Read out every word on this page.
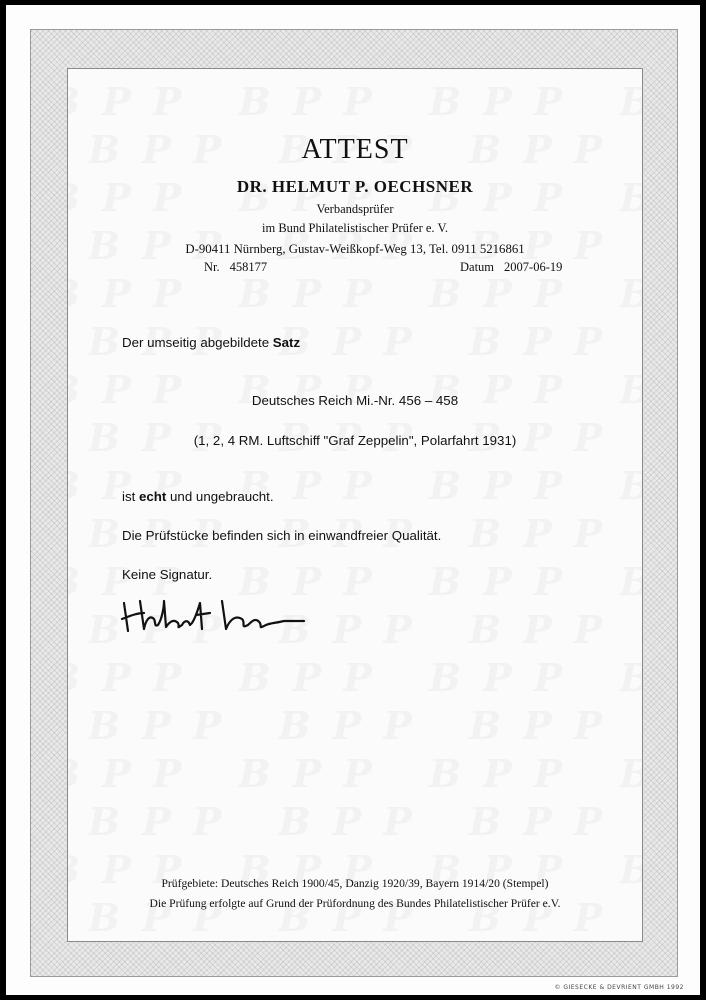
ATTEST
DR. HELMUT P. OECHSNER
Verbandsprüfer
im Bund Philatelistischer Prüfer e. V.
D-90411 Nürnberg, Gustav-Weißkopf-Weg 13, Tel. 0911 5216861
Nr. 458177	Datum 2007-06-19
Der umseitig abgebildete Satz
Deutsches Reich Mi.-Nr. 456 – 458
(1, 2, 4 RM. Luftschiff "Graf Zeppelin", Polarfahrt 1931)
ist echt und ungebraucht.
Die Prüfstücke befinden sich in einwandfreier Qualität.
Keine Signatur.
Prüfgebiete: Deutsches Reich 1900/45, Danzig 1920/39, Bayern 1914/20 (Stempel)
Die Prüfung erfolgte auf Grund der Prüfordnung des Bundes Philatelistischer Prüfer e.V.
© GIESECKE & DEVRIENT GMBH 1992
